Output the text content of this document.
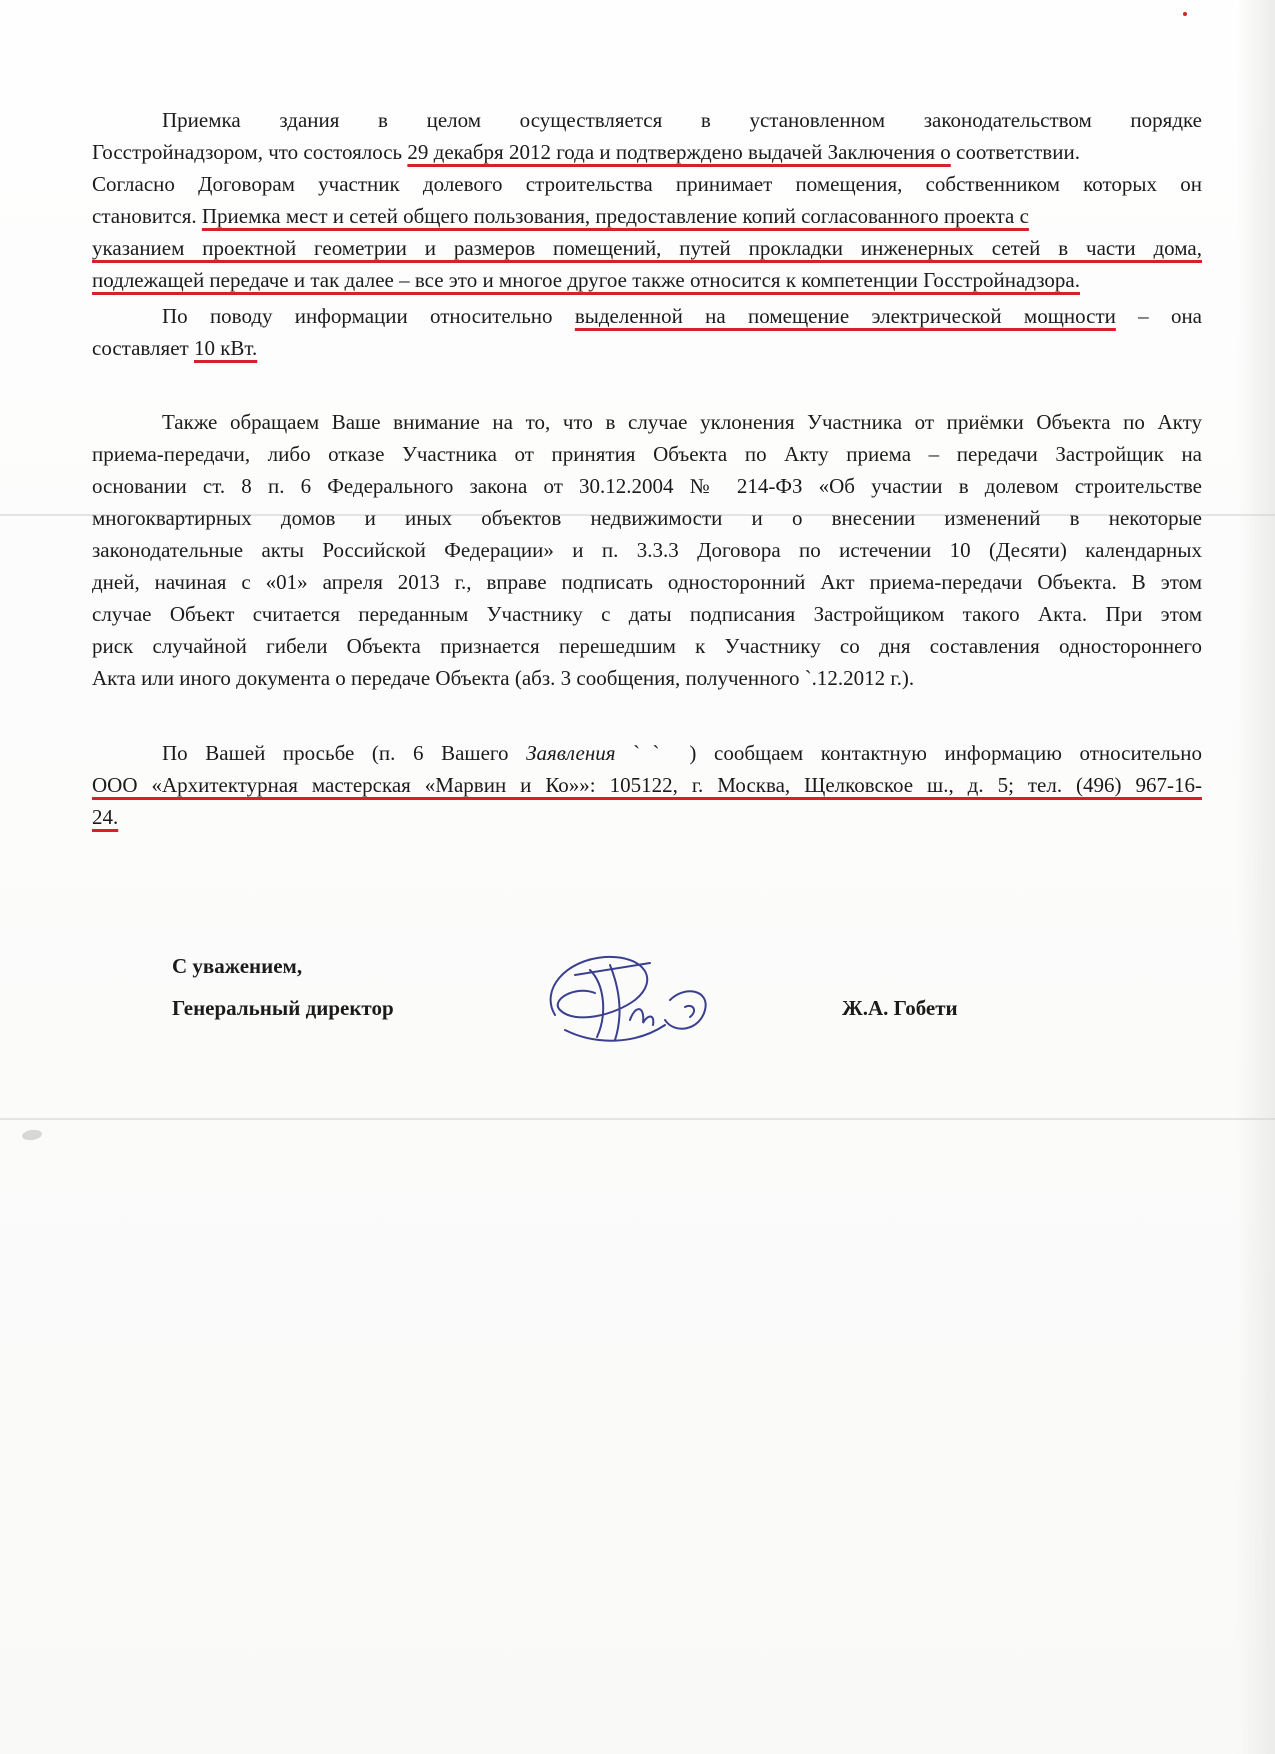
Приемка здания в целом осуществляется в установленном законодательством порядке
Госстройнадзором, что состоялось 29 декабря 2012 года и подтверждено выдачей Заключения о соответствии.
Согласно Договорам участник долевого строительства принимает помещения, собственником которых он
становится. Приемка мест и сетей общего пользования, предоставление копий согласованного проекта с
указанием проектной геометрии и размеров помещений, путей прокладки инженерных сетей в части дома,
подлежащей передаче и так далее – все это и многое другое также относится к компетенции Госстройнадзора.
По поводу информации относительно выделенной на помещение электрической мощности – она
составляет 10 кВт.
Также обращаем Ваше внимание на то, что в случае уклонения Участника от приёмки Объекта по Акту
приема-передачи, либо отказе Участника от принятия Объекта по Акту приема – передачи Застройщик на
основании ст. 8 п. 6 Федерального закона от 30.12.2004 № 214-ФЗ «Об участии в долевом строительстве
многоквартирных домов и иных объектов недвижимости и о внесении изменений в некоторые
законодательные акты Российской Федерации» и п. 3.3.3 Договора по истечении 10 (Десяти) календарных
дней, начиная с «01» апреля 2013 г., вправе подписать односторонний Акт приема-передачи Объекта. В этом
случае Объект считается переданным Участнику с даты подписания Застройщиком такого Акта. При этом
риск случайной гибели Объекта признается перешедшим к Участнику со дня составления одностороннего
Акта или иного документа о передаче Объекта (абз. 3 сообщения, полученного ˋ.12.2012 г.).
По Вашей просьбе (п. 6 Вашего Заявления ˋˋ ) сообщаем контактную информацию относительно
ООО «Архитектурная мастерская «Марвин и Ко»»: 105122, г. Москва, Щелковское ш., д. 5; тел. (496) 967-16-
24.
С уважением,
Генеральный директор	Ж.А. Гобети
